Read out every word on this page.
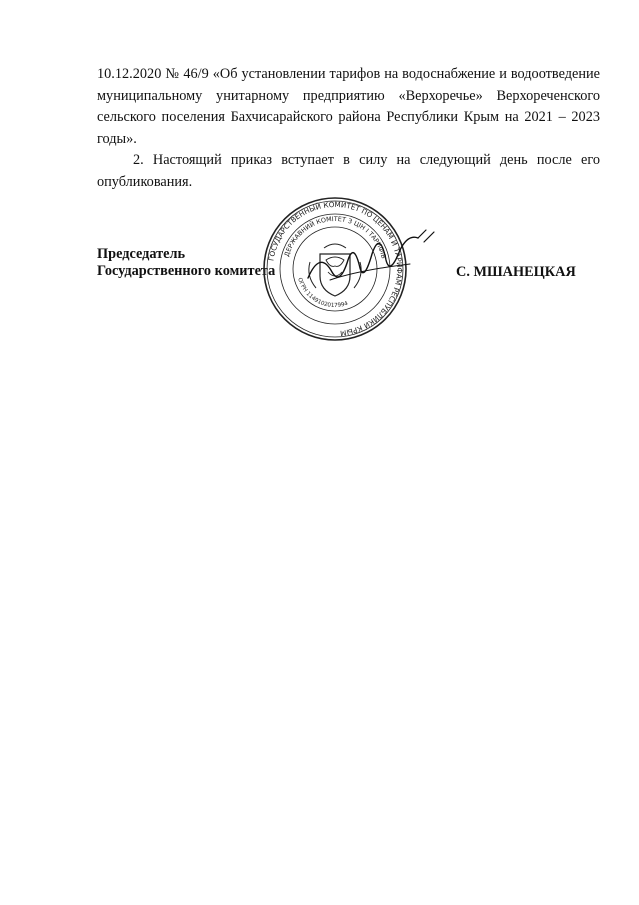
10.12.2020 № 46/9 «Об установлении тарифов на водоснабжение и водоотведение муниципальному унитарному предприятию «Верхоречье» Верхореченского сельского поселения Бахчисарайского района Республики Крым на 2021 – 2023 годы».

2. Настоящий приказ вступает в силу на следующий день после его опубликования.

Председатель
Государственного комитета
ГОСУДАРСТВЕННЫЙ КОМИТЕТ ПО ЦЕНАМ И ТАРИФАМ РЕСПУБЛИКИ КРЫМ
ДЕРЖАВНИЙ КОМІТЕТ З ЦІН І ТАРИФІВ
ОГРН 1149102017994
С. МШАНЕЦКАЯ
